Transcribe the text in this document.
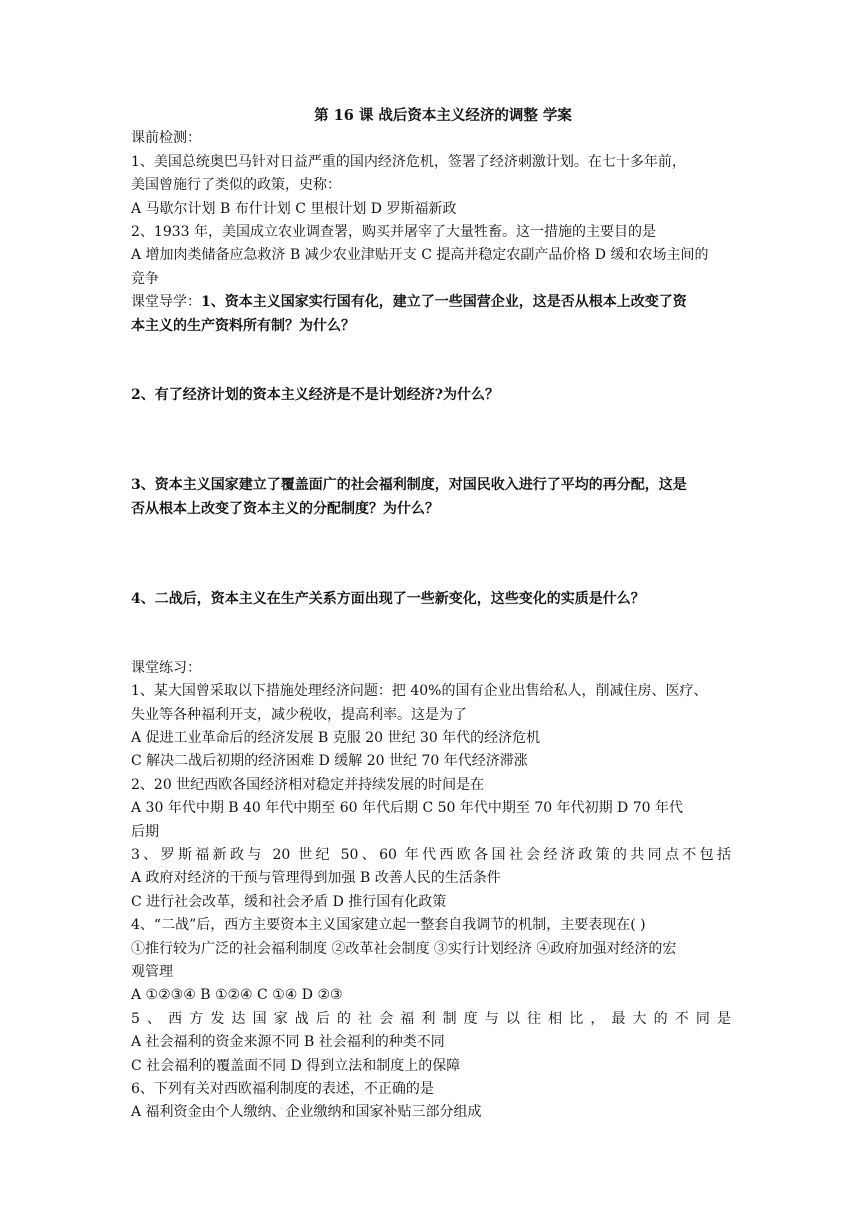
第 16 课 战后资本主义经济的调整 学案
课前检测：
1、美国总统奥巴马针对日益严重的国内经济危机，签署了经济刺激计划。在七十多年前，
美国曾施行了类似的政策，史称：
A 马歇尔计划 B 布什计划 C 里根计划 D 罗斯福新政
2、1933 年，美国成立农业调查署，购买并屠宰了大量牲畜。这一措施的主要目的是
A 增加肉类储备应急救济 B 减少农业津贴开支 C 提高并稳定农副产品价格 D 缓和农场主间的
竞争
课堂导学：1、资本主义国家实行国有化，建立了一些国营企业，这是否从根本上改变了资
本主义的生产资料所有制？为什么？
2、有了经济计划的资本主义经济是不是计划经济?为什么？
3、资本主义国家建立了覆盖面广的社会福利制度，对国民收入进行了平均的再分配，这是
否从根本上改变了资本主义的分配制度？为什么？
4、二战后，资本主义在生产关系方面出现了一些新变化，这些变化的实质是什么？
课堂练习：
1、某大国曾采取以下措施处理经济问题：把 40%的国有企业出售给私人，削减住房、医疗、
失业等各种福利开支，减少税收，提高利率。这是为了
A 促进工业革命后的经济发展 B 克服 20 世纪 30 年代的经济危机
C 解决二战后初期的经济困难 D 缓解 20 世纪 70 年代经济滞涨
2、20 世纪西欧各国经济相对稳定并持续发展的时间是在
A 30 年代中期 B 40 年代中期至 60 年代后期 C 50 年代中期至 70 年代初期 D 70 年代
后期
3、罗斯福新政与 20 世纪 50、60 年代西欧各国社会经济政策的共同点不包括
A 政府对经济的干预与管理得到加强 B 改善人民的生活条件
C 进行社会改革，缓和社会矛盾 D 推行国有化政策
4、“二战”后，西方主要资本主义国家建立起一整套自我调节的机制，主要表现在( )
①推行较为广泛的社会福利制度 ②改革社会制度 ③实行计划经济 ④政府加强对经济的宏
观管理
A ①②③④ B ①②④ C ①④ D ②③
5、西方发达国家战后的社会福利制度与以往相比，最大的不同是
A 社会福利的资金来源不同 B 社会福利的种类不同
C 社会福利的覆盖面不同 D 得到立法和制度上的保障
6、下列有关对西欧福利制度的表述，不正确的是
A 福利资金由个人缴纳、企业缴纳和国家补贴三部分组成
